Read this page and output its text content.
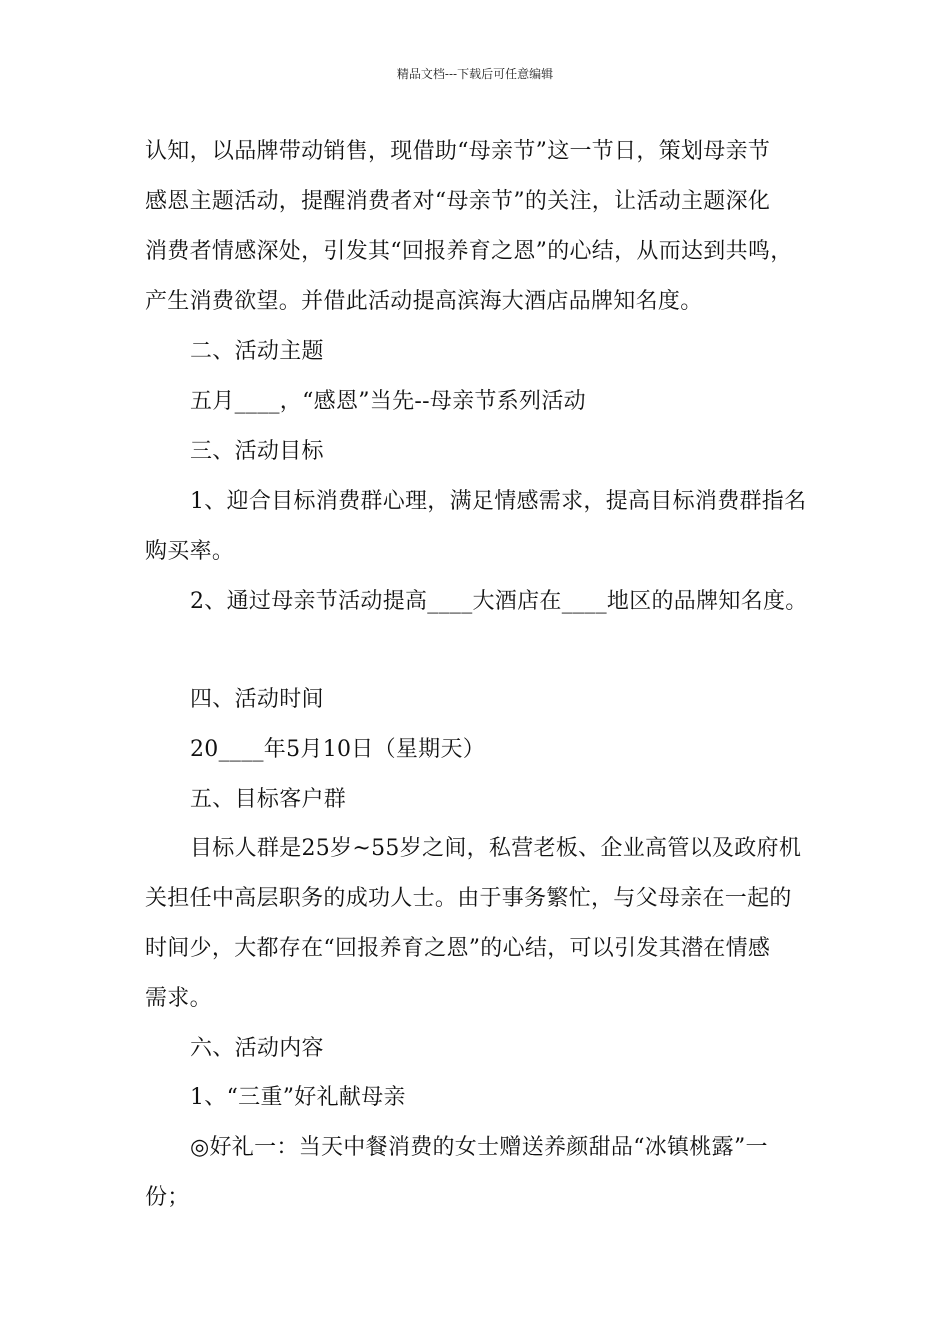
精品文档---下载后可任意编辑
认知，以品牌带动销售，现借助“母亲节”这一节日，策划母亲节
感恩主题活动，提醒消费者对“母亲节”的关注，让活动主题深化
消费者情感深处，引发其“回报养育之恩”的心结，从而达到共鸣，
产生消费欲望。并借此活动提高滨海大酒店品牌知名度。
二、活动主题
五月____，“感恩”当先--母亲节系列活动
三、活动目标
1、迎合目标消费群心理，满足情感需求，提高目标消费群指名
购买率。
2、通过母亲节活动提高____大酒店在____地区的品牌知名度。
四、活动时间
20____年5月10日（星期天）
五、目标客户群
目标人群是25岁~55岁之间，私营老板、企业高管以及政府机
关担任中高层职务的成功人士。由于事务繁忙，与父母亲在一起的
时间少，大都存在“回报养育之恩”的心结，可以引发其潜在情感
需求。
六、活动内容
1、“三重”好礼献母亲
◎好礼一：当天中餐消费的女士赠送养颜甜品“冰镇桃露”一
份；
